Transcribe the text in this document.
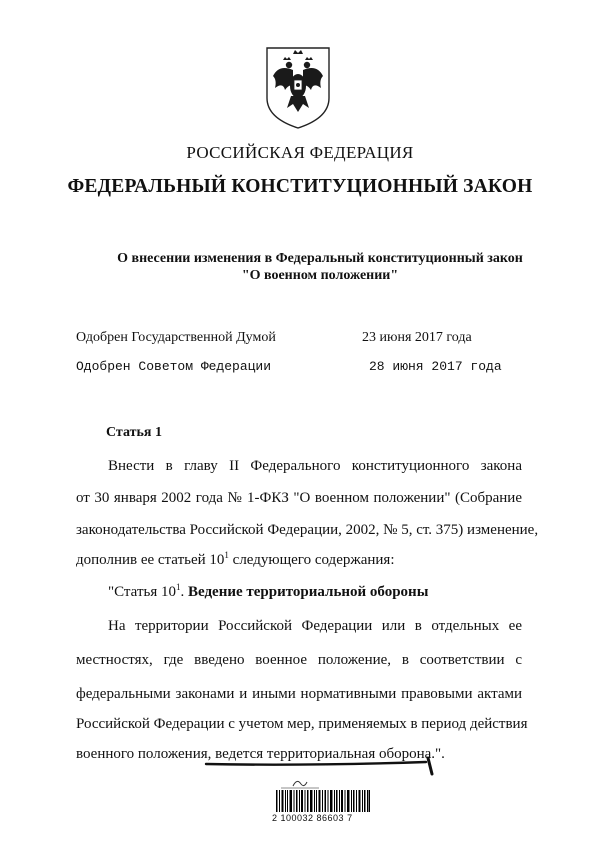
РОССИЙСКАЯ ФЕДЕРАЦИЯ
ФЕДЕРАЛЬНЫЙ КОНСТИТУЦИОННЫЙ ЗАКОН
О внесении изменения в Федеральный конституционный закон
"О военном положении"
Одобрен Государственной Думой	23 июня 2017 года
Одобрен Советом Федерации	28 июня 2017 года
Статья 1
Внести в главу II Федерального конституционного закона
от 30 января 2002 года № 1-ФКЗ "О военном положении" (Собрание
законодательства Российской Федерации, 2002, № 5, ст. 375) изменение,
дополнив ее статьей $10^1$ следующего содержания:
"Статья $10^1$. Ведение территориальной обороны
На территории Российской Федерации или в отдельных ее
местностях, где введено военное положение, в соответствии с
федеральными законами и иными нормативными правовыми актами
Российской Федерации с учетом мер, применяемых в период действия
военного положения, ведется территориальная оборона.".
2 100032 86603 7
